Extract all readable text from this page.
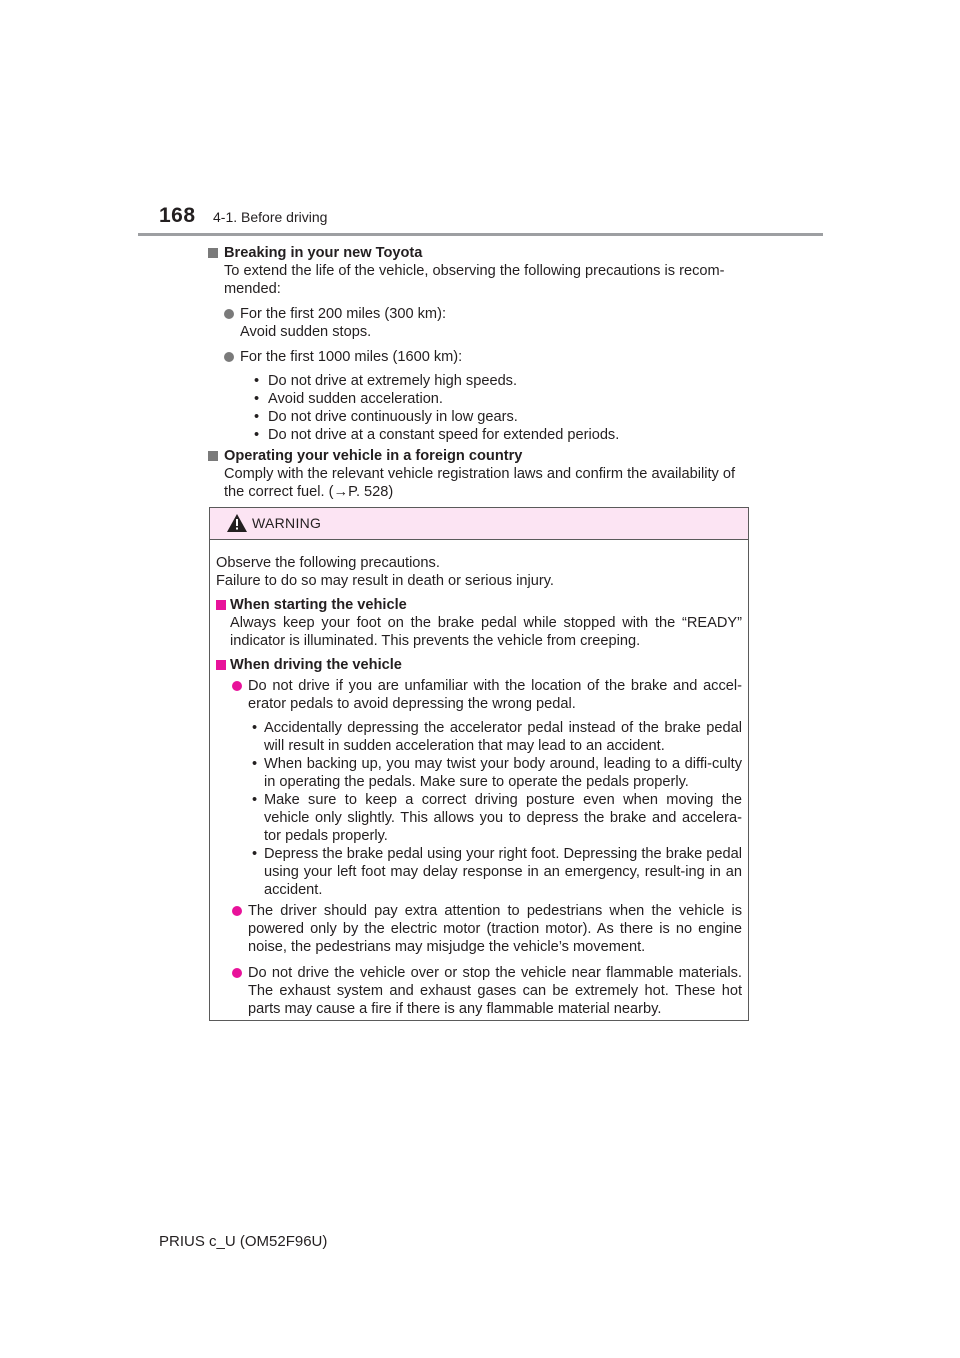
168 4-1. Before driving
Breaking in your new Toyota

To extend the life of the vehicle, observing the following precautions is recom-mended:

For the first 200 miles (300 km):
Avoid sudden stops.
For the first 1000 miles (1600 km):
• Do not drive at extremely high speeds.
• Avoid sudden acceleration.
• Do not drive continuously in low gears.
• Do not drive at a constant speed for extended periods.
Operating your vehicle in a foreign country

Comply with the relevant vehicle registration laws and confirm the availability of the correct fuel. (→P. 528)

WARNING

Observe the following precautions.

Failure to do so may result in death or serious injury.

When starting the vehicle

Always keep your foot on the brake pedal while stopped with the “READY” indicator is illuminated. This prevents the vehicle from creeping.

When driving the vehicle
Do not drive if you are unfamiliar with the location of the brake and accel-erator pedals to avoid depressing the wrong pedal.
• Accidentally depressing the accelerator pedal instead of the brake pedal will result in sudden acceleration that may lead to an accident.
• When backing up, you may twist your body around, leading to a diffi-culty in operating the pedals. Make sure to operate the pedals properly.
• Make sure to keep a correct driving posture even when moving the vehicle only slightly. This allows you to depress the brake and accelera-tor pedals properly.
• Depress the brake pedal using your right foot. Depressing the brake pedal using your left foot may delay response in an emergency, result-ing in an accident.
The driver should pay extra attention to pedestrians when the vehicle is powered only by the electric motor (traction motor). As there is no engine noise, the pedestrians may misjudge the vehicle’s movement.
Do not drive the vehicle over or stop the vehicle near flammable materials. The exhaust system and exhaust gases can be extremely hot. These hot parts may cause a fire if there is any flammable material nearby.
PRIUS c_U (OM52F96U)
